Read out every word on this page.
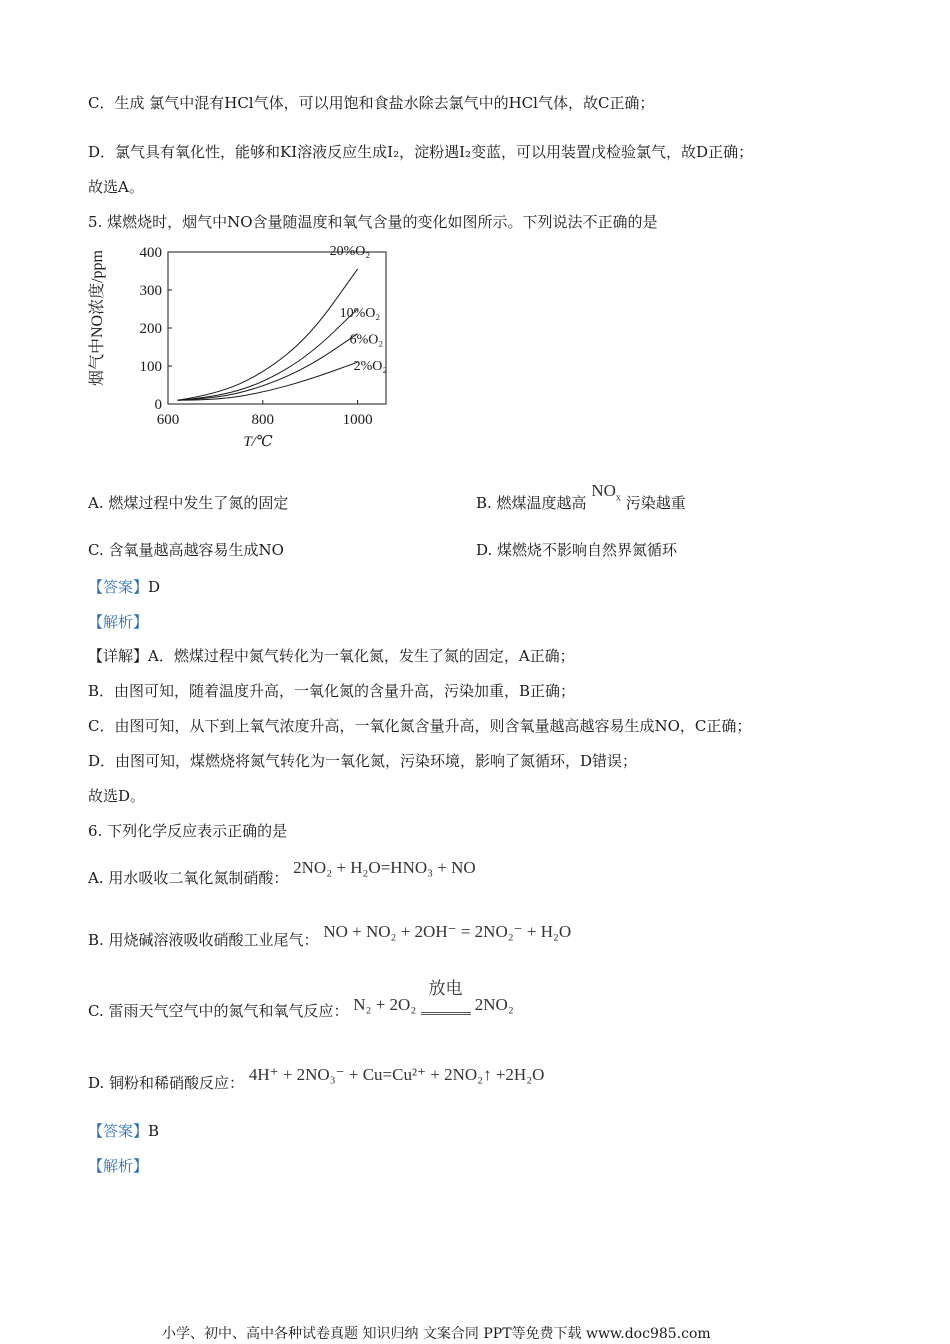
C．生成 氯气中混有HCl气体，可以用饱和食盐水除去氯气中的HCl气体，故C正确；
D．氯气具有氧化性，能够和KI溶液反应生成I₂，淀粉遇I₂变蓝，可以用装置戊检验氯气，故D正确；
故选A。
5. 煤燃烧时，烟气中NO含量随温度和氧气含量的变化如图所示。下列说法不正确的是
0
100
200
300
400
600	800	1000
20%O₂
10%O₂
6%O₂
2%O₂
烟气中NO浓度/ppm
T/℃
A. 燃煤过程中发生了氮的固定	B. 燃煤温度越高 $NO_x$ 污染越重
C. 含氧量越高越容易生成NO	D. 煤燃烧不影响自然界氮循环
【答案】D
【解析】
【详解】A．燃煤过程中氮气转化为一氧化氮，发生了氮的固定，A正确；
B．由图可知，随着温度升高，一氧化氮的含量升高，污染加重，B正确；
C．由图可知，从下到上氧气浓度升高，一氧化氮含量升高，则含氧量越高越容易生成NO，C正确；
D．由图可知，煤燃烧将氮气转化为一氧化氮，污染环境，影响了氮循环，D错误；
故选D。
6. 下列化学反应表示正确的是
A. 用水吸收二氧化氮制硝酸： 2NO₂ + H₂O=HNO₃ + NO
B. 用烧碱溶液吸收硝酸工业尾气： NO + NO₂ + 2OH⁻ = 2NO₂⁻ + H₂O
C. 雷雨天气空气中的氮气和氧气反应： N₂ + 2O₂ 放电 2NO₂
D. 铜粉和稀硝酸反应： 4H⁺ + 2NO₃⁻ + Cu=Cu²⁺ + 2NO₂↑ +2H₂O
【答案】B
【解析】
小学、初中、高中各种试卷真题 知识归纳 文案合同 PPT等免费下载 www.doc985.com
